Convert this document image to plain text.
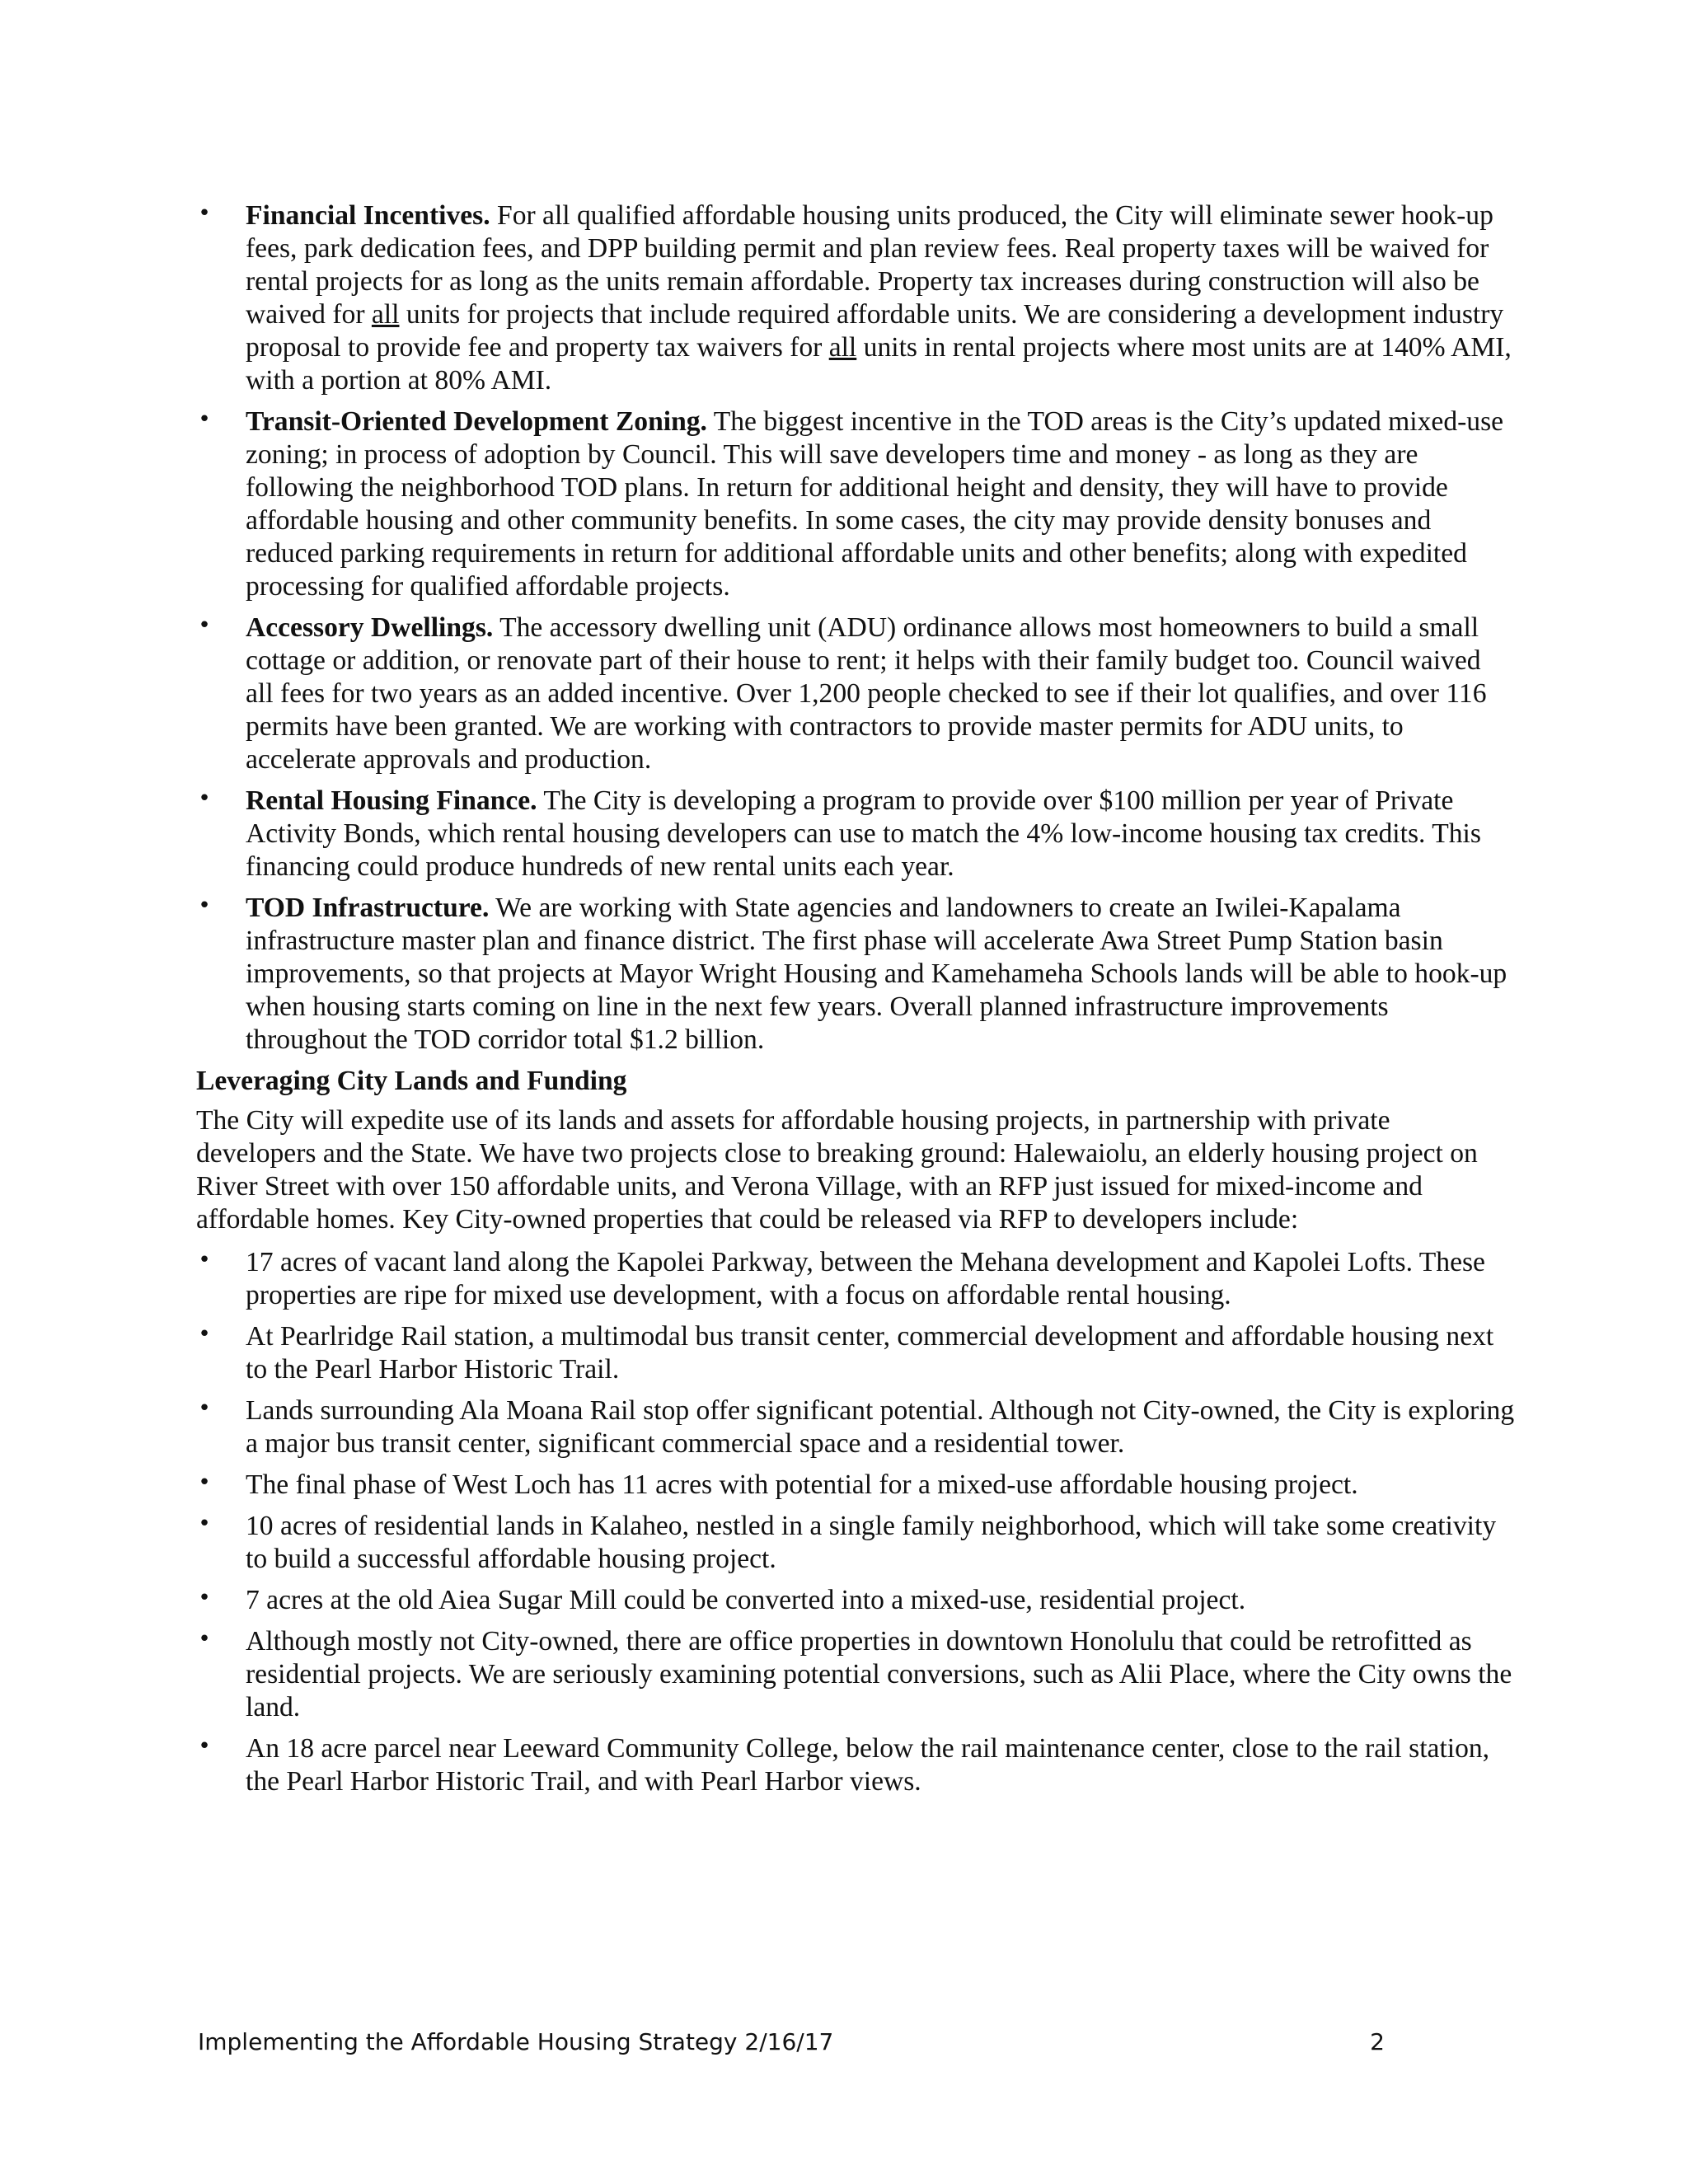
• Financial Incentives. For all qualified affordable housing units produced, the City will eliminate sewer hook-up fees, park dedication fees, and DPP building permit and plan review fees. Real property taxes will be waived for rental projects for as long as the units remain affordable. Property tax increases during construction will also be waived for all units for projects that include required affordable units. We are considering a development industry proposal to provide fee and property tax waivers for all units in rental projects where most units are at 140% AMI, with a portion at 80% AMI.
• Transit-Oriented Development Zoning. The biggest incentive in the TOD areas is the City’s updated mixed-use zoning; in process of adoption by Council. This will save developers time and money - as long as they are following the neighborhood TOD plans. In return for additional height and density, they will have to provide affordable housing and other community benefits. In some cases, the city may provide density bonuses and reduced parking requirements in return for additional affordable units and other benefits; along with expedited processing for qualified affordable projects.
• Accessory Dwellings. The accessory dwelling unit (ADU) ordinance allows most homeowners to build a small cottage or addition, or renovate part of their house to rent; it helps with their family budget too. Council waived all fees for two years as an added incentive. Over 1,200 people checked to see if their lot qualifies, and over 116 permits have been granted. We are working with contractors to provide master permits for ADU units, to accelerate approvals and production.
• Rental Housing Finance. The City is developing a program to provide over $100 million per year of Private Activity Bonds, which rental housing developers can use to match the 4% low-income housing tax credits. This financing could produce hundreds of new rental units each year.
• TOD Infrastructure. We are working with State agencies and landowners to create an Iwilei-Kapalama infrastructure master plan and finance district. The first phase will accelerate Awa Street Pump Station basin improvements, so that projects at Mayor Wright Housing and Kamehameha Schools lands will be able to hook-up when housing starts coming on line in the next few years. Overall planned infrastructure improvements throughout the TOD corridor total $1.2 billion.
Leveraging City Lands and Funding

The City will expedite use of its lands and assets for affordable housing projects, in partnership with private developers and the State. We have two projects close to breaking ground: Halewaiolu, an elderly housing project on River Street with over 150 affordable units, and Verona Village, with an RFP just issued for mixed-income and affordable homes. Key City-owned properties that could be released via RFP to developers include:

• 17 acres of vacant land along the Kapolei Parkway, between the Mehana development and Kapolei Lofts. These properties are ripe for mixed use development, with a focus on affordable rental housing.
• At Pearlridge Rail station, a multimodal bus transit center, commercial development and affordable housing next to the Pearl Harbor Historic Trail.
• Lands surrounding Ala Moana Rail stop offer significant potential. Although not City-owned, the City is exploring a major bus transit center, significant commercial space and a residential tower.
• The final phase of West Loch has 11 acres with potential for a mixed-use affordable housing project.
• 10 acres of residential lands in Kalaheo, nestled in a single family neighborhood, which will take some creativity to build a successful affordable housing project.
• 7 acres at the old Aiea Sugar Mill could be converted into a mixed-use, residential project.
• Although mostly not City-owned, there are office properties in downtown Honolulu that could be retrofitted as residential projects. We are seriously examining potential conversions, such as Alii Place, where the City owns the land.
• An 18 acre parcel near Leeward Community College, below the rail maintenance center, close to the rail station, the Pearl Harbor Historic Trail, and with Pearl Harbor views.
Implementing the Affordable Housing Strategy 2/16/17	2
